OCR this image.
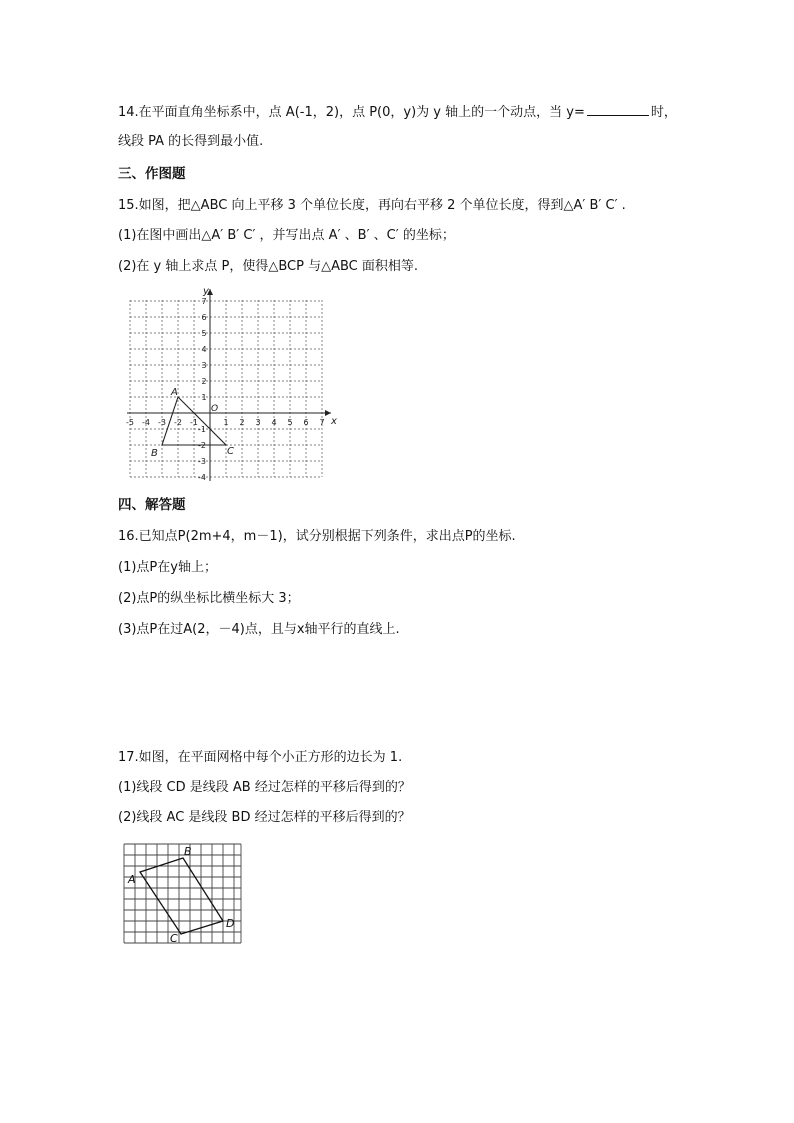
14.在平面直角坐标系中，点 A(-1，2)，点 P(0，y)为 y 轴上的一个动点，当 y=	时，
线段 PA 的长得到最小值.
三、作图题
15.如图，把△ABC 向上平移 3 个单位长度，再向右平移 2 个单位长度，得到△A′ B′ C′ .
(1)在图中画出△A′ B′ C′ ，并写出点 A′ 、B′ 、C′ 的坐标；
(2)在 y 轴上求点 P，使得△BCP 与△ABC 面积相等.
x
y
O
-5 -4 -3 -2 -1	1 2 3 4 5 6 7
7
6
5
4
3
2
1
-1
-2
-3
-4
A
B	C
四、解答题
16.已知点P(2m+4，m－1)，试分别根据下列条件，求出点P的坐标.
(1)点P在y轴上；
(2)点P的纵坐标比横坐标大 3；
(3)点P在过A(2，－4)点，且与x轴平行的直线上.
17.如图，在平面网格中每个小正方形的边长为 1.
(1)线段 CD 是线段 AB 经过怎样的平移后得到的？
(2)线段 AC 是线段 BD 经过怎样的平移后得到的？
A
B
C
D
